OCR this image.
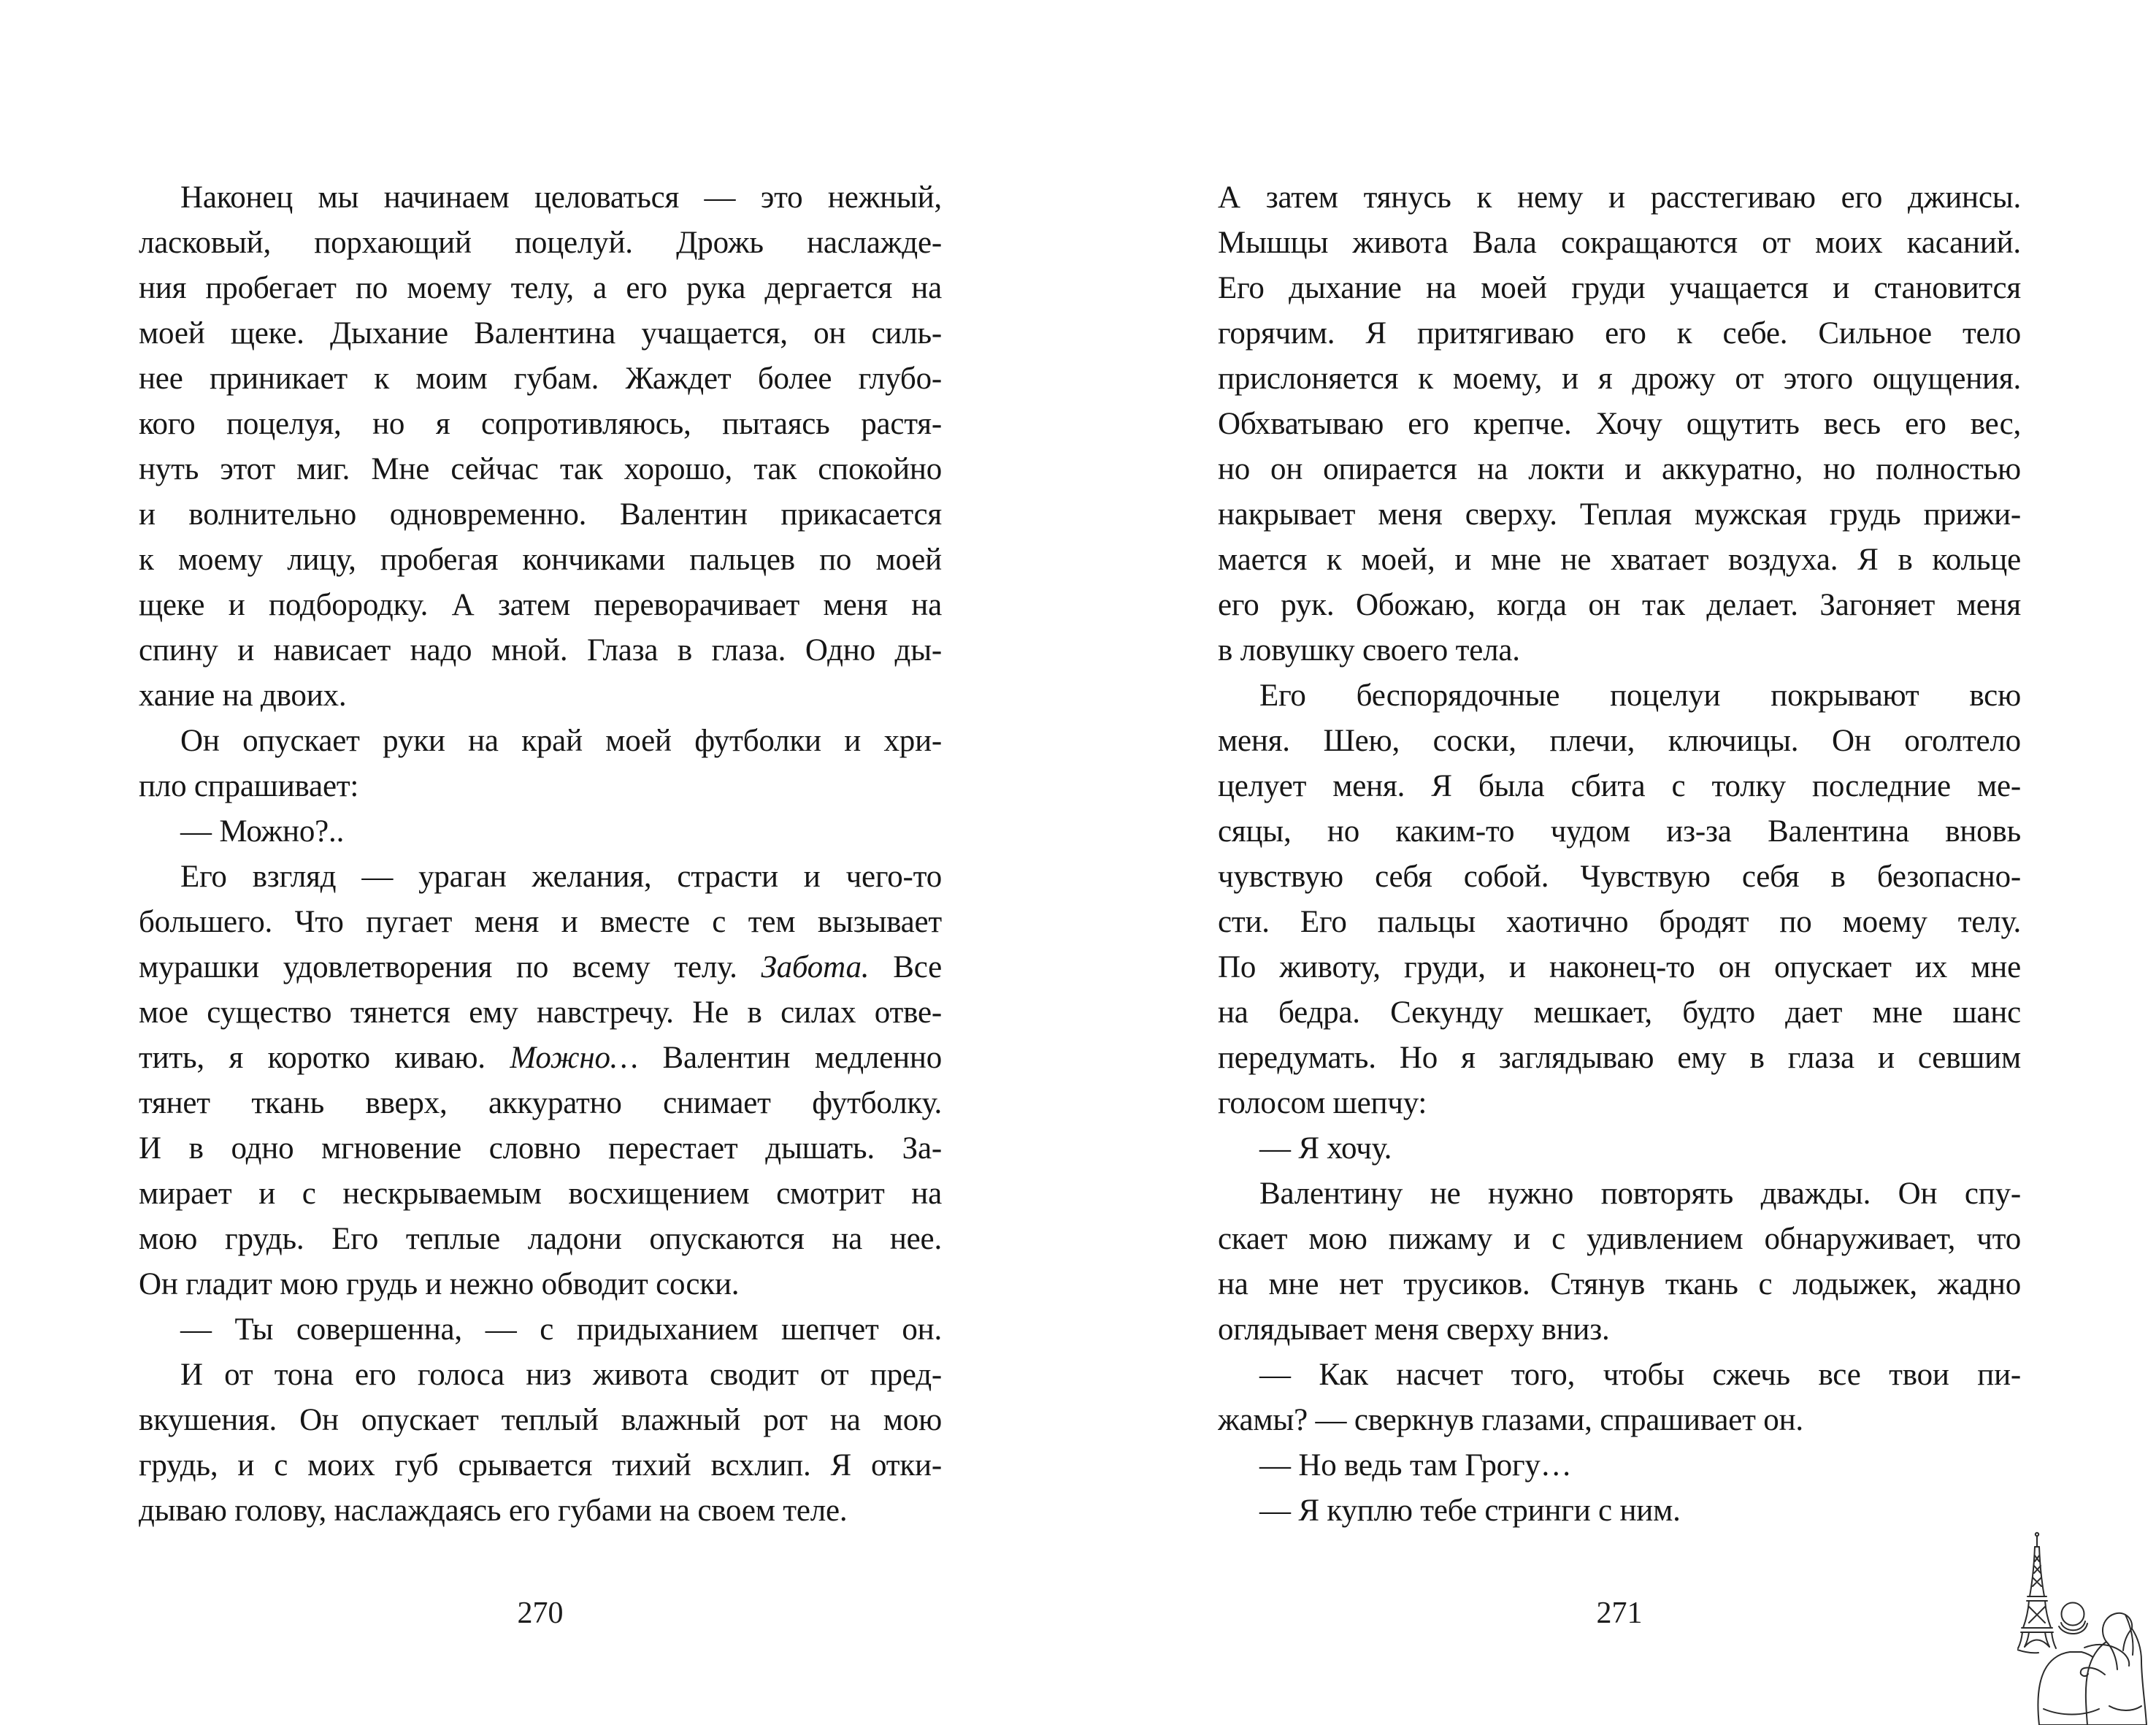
Наконец мы начинаем целоваться — это нежный,
ласковый, порхающий поцелуй. Дрожь наслажде-
ния пробегает по моему телу, а его рука дергается на
моей щеке. Дыхание Валентина учащается, он силь-
нее приникает к моим губам. Жаждет более глубо-
кого поцелуя, но я сопротивляюсь, пытаясь растя-
нуть этот миг. Мне сейчас так хорошо, так спокойно
и волнительно одновременно. Валентин прикасается
к моему лицу, пробегая кончиками пальцев по моей
щеке и подбородку. А затем переворачивает меня на
спину и нависает надо мной. Глаза в глаза. Одно ды-
хание на двоих.
Он опускает руки на край моей футболки и хри-
пло спрашивает:
— Можно?..
Его взгляд — ураган желания, страсти и чего-то
большего. Что пугает меня и вместе с тем вызывает
мурашки удовлетворения по всему телу. Забота. Все
мое существо тянется ему навстречу. Не в силах отве-
тить, я коротко киваю. Можно… Валентин медленно
тянет ткань вверх, аккуратно снимает футболку.
И в одно мгновение словно перестает дышать. За-
мирает и с нескрываемым восхищением смотрит на
мою грудь. Его теплые ладони опускаются на нее.
Он гладит мою грудь и нежно обводит соски.
— Ты совершенна, — с придыханием шепчет он.
И от тона его голоса низ живота сводит от пред-
вкушения. Он опускает теплый влажный рот на мою
грудь, и с моих губ срывается тихий всхлип. Я отки-
дываю голову, наслаждаясь его губами на своем теле.
270
А затем тянусь к нему и расстегиваю его джинсы.
Мышцы живота Вала сокращаются от моих касаний.
Его дыхание на моей груди учащается и становится
горячим. Я притягиваю его к себе. Сильное тело
прислоняется к моему, и я дрожу от этого ощущения.
Обхватываю его крепче. Хочу ощутить весь его вес,
но он опирается на локти и аккуратно, но полностью
накрывает меня сверху. Теплая мужская грудь прижи-
мается к моей, и мне не хватает воздуха. Я в кольце
его рук. Обожаю, когда он так делает. Загоняет меня
в ловушку своего тела.
Его беспорядочные поцелуи покрывают всю
меня. Шею, соски, плечи, ключицы. Он оголтело
целует меня. Я была сбита с толку последние ме-
сяцы, но каким-то чудом из-за Валентина вновь
чувствую себя собой. Чувствую себя в безопасно-
сти. Его пальцы хаотично бродят по моему телу.
По животу, груди, и наконец-то он опускает их мне
на бедра. Секунду мешкает, будто дает мне шанс
передумать. Но я заглядываю ему в глаза и севшим
голосом шепчу:
— Я хочу.
Валентину не нужно повторять дважды. Он спу-
скает мою пижаму и с удивлением обнаруживает, что
на мне нет трусиков. Стянув ткань с лодыжек, жадно
оглядывает меня сверху вниз.
— Как насчет того, чтобы сжечь все твои пи-
жамы? — сверкнув глазами, спрашивает он.
— Но ведь там Грогу…
— Я куплю тебе стринги с ним.
271
